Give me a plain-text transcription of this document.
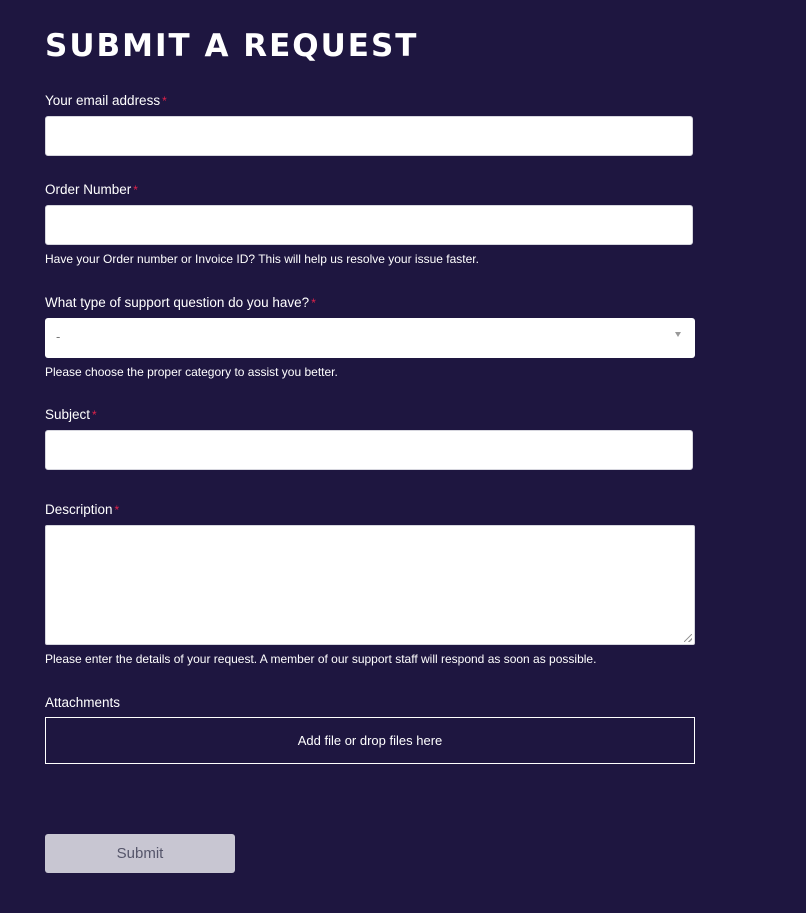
SUBMIT A REQUEST
Your email address *
Order Number *
Have your Order number or Invoice ID? This will help us resolve your issue faster.
What type of support question do you have? *
-
Please choose the proper category to assist you better.
Subject *
Description *
Please enter the details of your request. A member of our support staff will respond as soon as possible.
Attachments
Add file or drop files here
Submit
